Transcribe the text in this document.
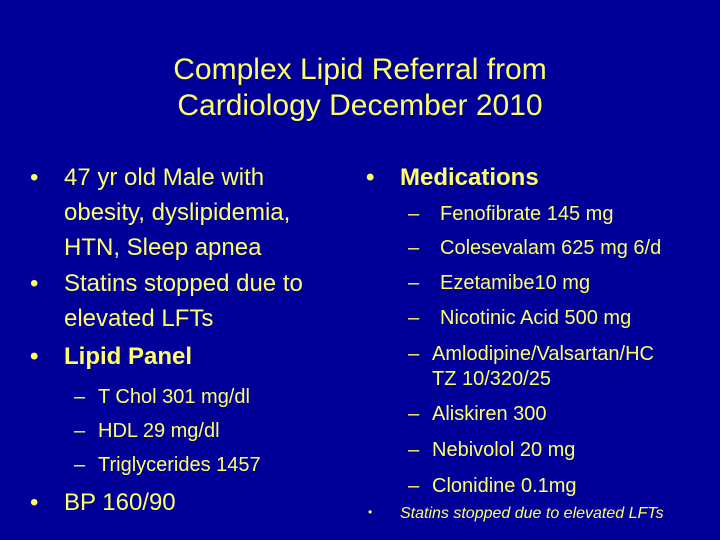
Complex Lipid Referral from
Cardiology December 2010
• 47 yr old Male with
obesity, dyslipidemia,
HTN, Sleep apnea
• Statins stopped due to
elevated LFTs
• Lipid Panel
– T Chol 301 mg/dl
– HDL 29 mg/dl
– Triglycerides 1457
• BP 160/90
• Medications
– Fenofibrate 145 mg
– Colesevalam 625 mg 6/d
– Ezetamibe10 mg
– Nicotinic Acid 500 mg
– Amlodipine/Valsartan/HC
TZ 10/320/25
– Aliskiren 300
– Nebivolol 20 mg
– Clonidine 0.1mg
• Statins stopped due to elevated LFTs
